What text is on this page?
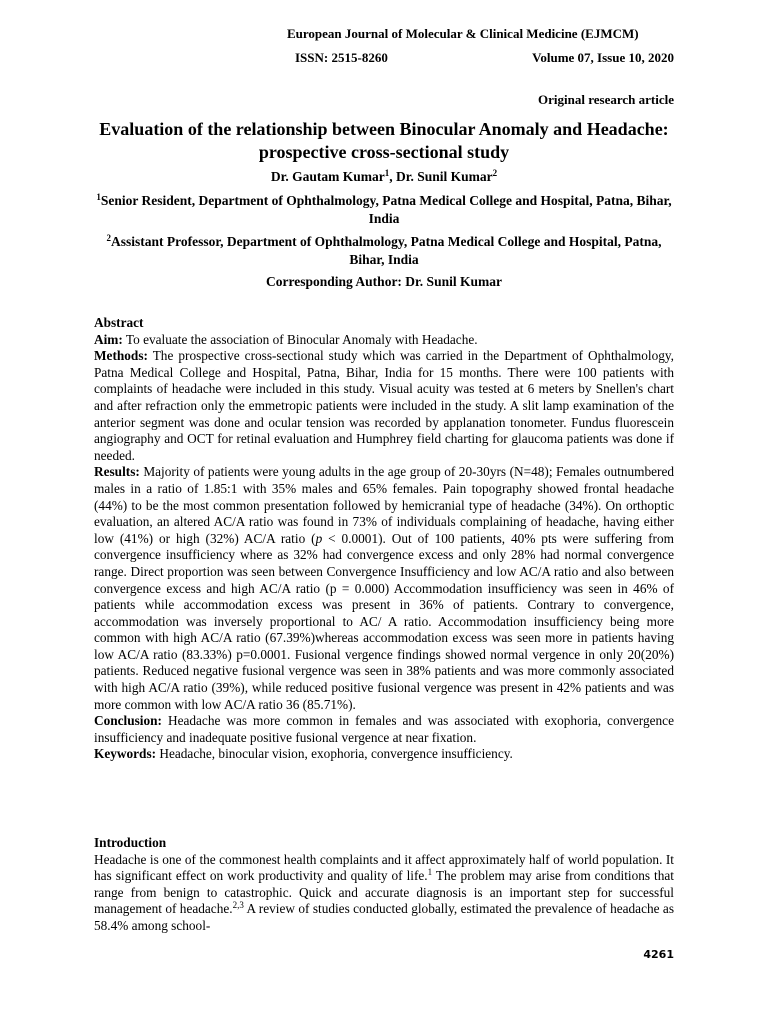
European Journal of Molecular & Clinical Medicine (EJMCM)
ISSN: 2515-8260	Volume 07, Issue 10, 2020
Original research article
Evaluation of the relationship between Binocular Anomaly and Headache: prospective cross-sectional study
Dr. Gautam Kumar$^1$, Dr. Sunil Kumar$^2$
$^1$Senior Resident, Department of Ophthalmology, Patna Medical College and Hospital, Patna, Bihar, India
$^2$Assistant Professor, Department of Ophthalmology, Patna Medical College and Hospital, Patna, Bihar, India
Corresponding Author: Dr. Sunil Kumar

Abstract

Aim: To evaluate the association of Binocular Anomaly with Headache.

Methods: The prospective cross-sectional study which was carried in the Department of Ophthalmology, Patna Medical College and Hospital, Patna, Bihar, India for 15 months. There were 100 patients with complaints of headache were included in this study. Visual acuity was tested at 6 meters by Snellen's chart and after refraction only the emmetropic patients were included in the study. A slit lamp examination of the anterior segment was done and ocular tension was recorded by applanation tonometer. Fundus fluorescein angiography and OCT for retinal evaluation and Humphrey field charting for glaucoma patients was done if needed.

Results: Majority of patients were young adults in the age group of 20-30yrs (N=48); Females outnumbered males in a ratio of 1.85:1 with 35% males and 65% females. Pain topography showed frontal headache (44%) to be the most common presentation followed by hemicranial type of headache (34%). On orthoptic evaluation, an altered AC/A ratio was found in 73% of individuals complaining of headache, having either low (41%) or high (32%) AC/A ratio (p < 0.0001). Out of 100 patients, 40% pts were suffering from convergence insufficiency where as 32% had convergence excess and only 28% had normal convergence range. Direct proportion was seen between Convergence Insufficiency and low AC/A ratio and also between convergence excess and high AC/A ratio (p = 0.000) Accommodation insufficiency was seen in 46% of patients while accommodation excess was present in 36% of patients. Contrary to convergence, accommodation was inversely proportional to AC/ A ratio. Accommodation insufficiency being more common with high AC/A ratio (67.39%)whereas accommodation excess was seen more in patients having low AC/A ratio (83.33%) p=0.0001. Fusional vergence findings showed normal vergence in only 20(20%) patients. Reduced negative fusional vergence was seen in 38% patients and was more commonly associated with high AC/A ratio (39%), while reduced positive fusional vergence was present in 42% patients and was more common with low AC/A ratio 36 (85.71%).

Conclusion: Headache was more common in females and was associated with exophoria, convergence insufficiency and inadequate positive fusional vergence at near fixation.

Keywords: Headache, binocular vision, exophoria, convergence insufficiency.

Introduction

Headache is one of the commonest health complaints and it affect approximately half of world population. It has significant effect on work productivity and quality of life.$^1$ The problem may arise from conditions that range from benign to catastrophic. Quick and accurate diagnosis is an important step for successful management of headache.$^{2,3}$ A review of studies conducted globally, estimated the prevalence of headache as 58.4% among school-

4261
